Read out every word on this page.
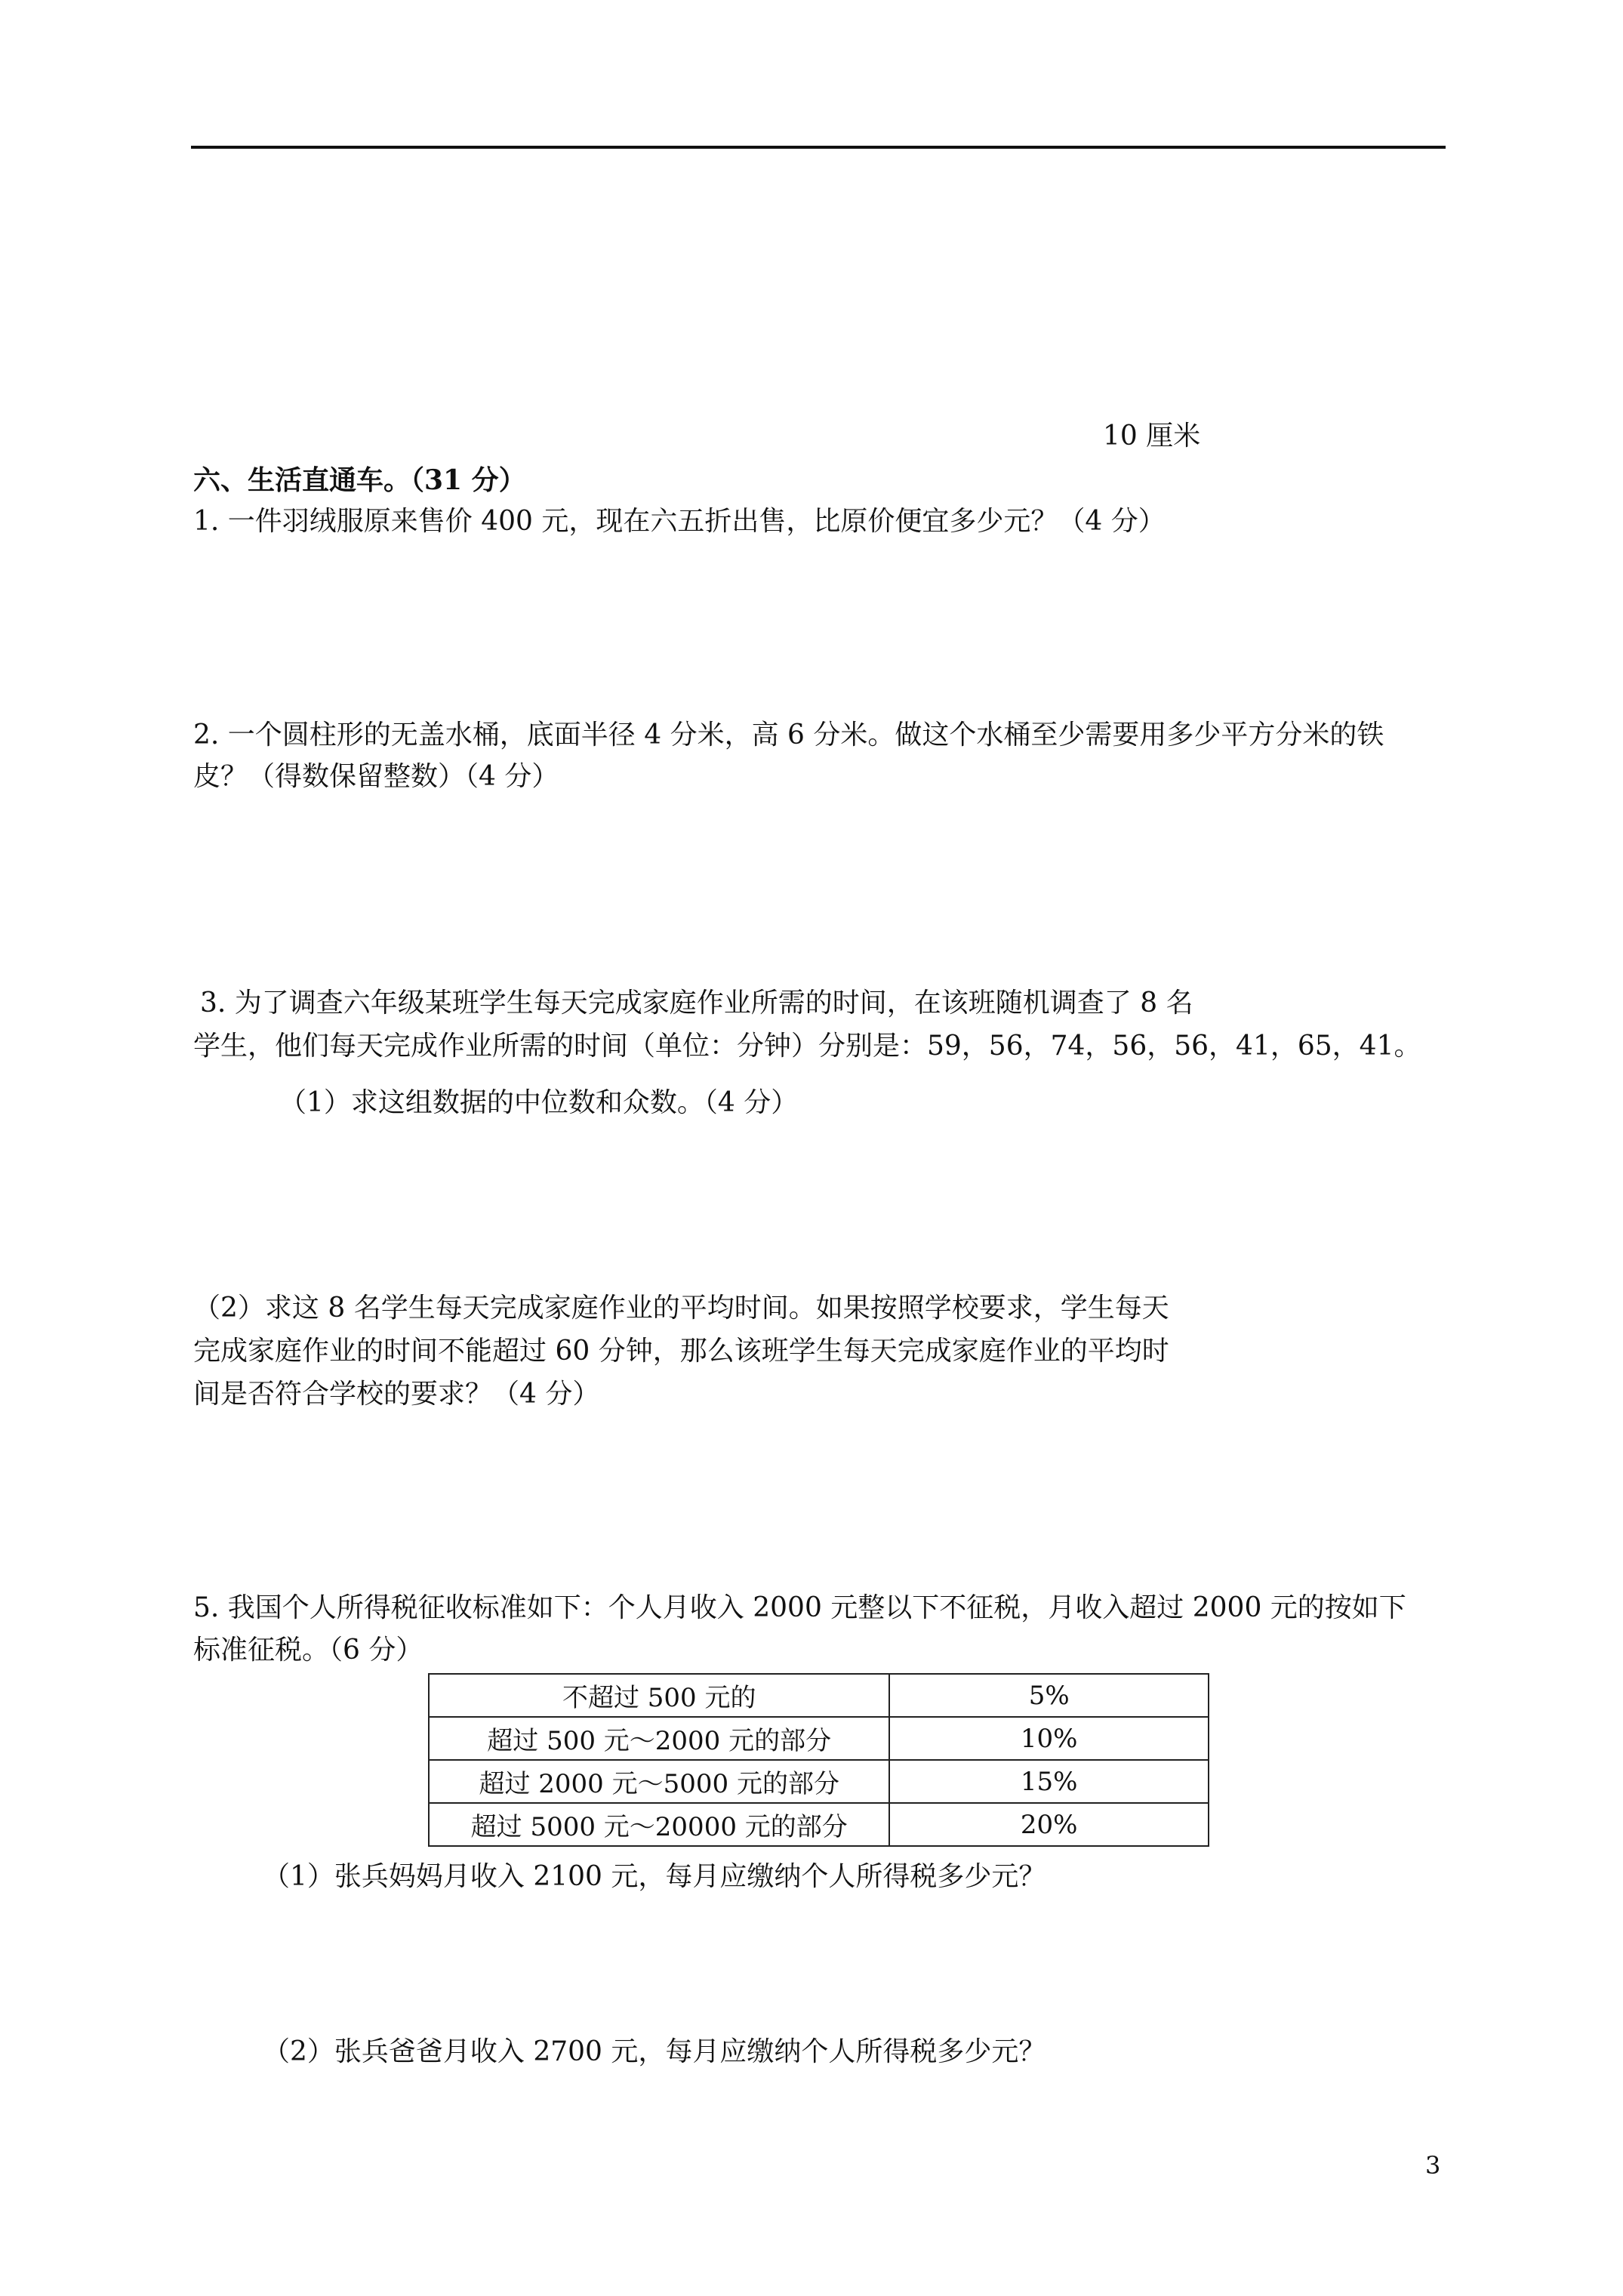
10 厘米
六、生活直通车。（31 分）
1. 一件羽绒服原来售价 400 元，现在六五折出售，比原价便宜多少元？（4 分）
2. 一个圆柱形的无盖水桶，底面半径 4 分米，高 6 分米。做这个水桶至少需要用多少平方分米的铁
皮？（得数保留整数）（4 分）
3. 为了调查六年级某班学生每天完成家庭作业所需的时间，在该班随机调查了 8 名
学生，他们每天完成作业所需的时间（单位：分钟）分别是：59，56，74，56，56，41，65，41。
（1）求这组数据的中位数和众数。（4 分）
（2）求这 8 名学生每天完成家庭作业的平均时间。如果按照学校要求，学生每天
完成家庭作业的时间不能超过 60 分钟，那么该班学生每天完成家庭作业的平均时
间是否符合学校的要求？（4 分）
5. 我国个人所得税征收标准如下：个人月收入 2000 元整以下不征税，月收入超过 2000 元的按如下
标准征税。（6 分）
不超过 500 元的	5%
超过 500 元～2000 元的部分	10%
超过 2000 元～5000 元的部分	15%
超过 5000 元～20000 元的部分	20%
（1）张兵妈妈月收入 2100 元，每月应缴纳个人所得税多少元？
（2）张兵爸爸月收入 2700 元，每月应缴纳个人所得税多少元？
3
